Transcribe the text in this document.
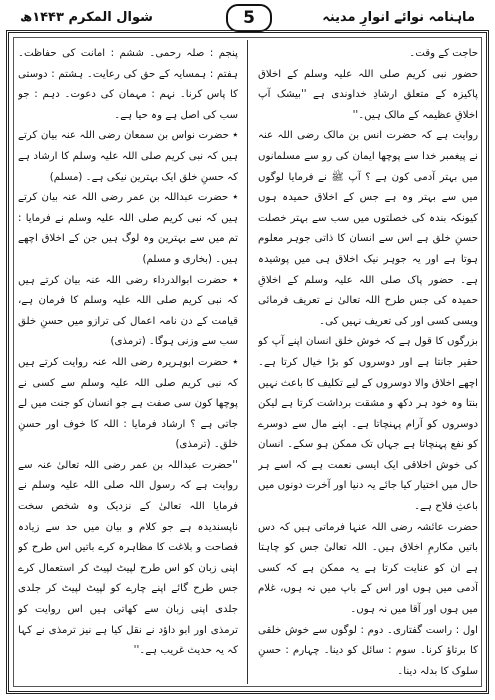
ماہنامہ نوائے انوارِ مدینہ
شوال المکرم ۱۴۴۳ھ	5

حاجت کے وقت۔

حضور نبی کریم صلی اللہ علیہ وسلم کے اخلاق پاکیزہ کے متعلق ارشادِ خداوندی ہے ''بیشک آپ اخلاقِ عظیمہ کے مالک ہیں۔''

روایت ہے کہ حضرت انس بن مالک رضی اللہ عنہ نے پیغمبر خدا سے پوچھا ایمان کی رو سے مسلمانوں میں بہتر آدمی کون ہے ؟ آپ ﷺ نے فرمایا لوگوں میں سے بہتر وہ ہے جس کے اخلاق حمیدہ ہوں کیونکہ بندہ کی خصلتوں میں سب سے بہتر خصلت حسنِ خلق ہے اس سے انسان کا ذاتی جوہر معلوم ہوتا ہے اور یہ جوہر نیک اخلاق ہی میں پوشیدہ ہے۔ حضور پاک صلی اللہ علیہ وسلم کے اخلاقِ حمیدہ کی جس طرح اللہ تعالیٰ نے تعریف فرمائی ویسی کسی اور کی تعریف نہیں کی۔

بزرگوں کا قول ہے کہ خوش خلق انسان اپنے آپ کو حقیر جانتا ہے اور دوسروں کو بڑا خیال کرتا ہے۔ اچھے اخلاق والا دوسروں کے لیے تکلیف کا باعث نہیں بنتا وہ خود ہر دکھ و مشقت برداشت کرتا ہے لیکن دوسروں کو آرام پہنچاتا ہے۔ اپنے مال سے دوسرے کو نفع پہنچاتا ہے جہاں تک ممکن ہو سکے۔ انسان کی خوش اخلاقی ایک ایسی نعمت ہے کہ اسے ہر حال میں اختیار کیا جائے یہ دنیا اور آخرت دونوں میں باعثِ فلاح ہے۔

حضرت عائشہ رضی اللہ عنہا فرماتی ہیں کہ دس باتیں مکارمِ اخلاق ہیں۔ اللہ تعالیٰ جس کو چاہتا ہے ان کو عنایت کرتا ہے یہ ممکن ہے کہ کسی آدمی میں ہوں اور اس کے باپ میں نہ ہوں، غلام میں ہوں اور آقا میں نہ ہوں۔

اول : راست گفتاری۔ دوم : لوگوں سے خوش خلقی کا برتاؤ کرنا۔ سوم : سائل کو دینا۔ چہارم : حسنِ سلوک کا بدلہ دینا۔

پنجم : صلہ رحمی۔ ششم : امانت کی حفاظت۔ ہفتم : ہمسایہ کے حق کی رعایت۔ ہشتم : دوستی کا پاس کرنا۔ نہم : مہمان کی دعوت۔ دہم : جو سب کی اصل ہے وہ حیا ہے۔

٭ حضرت نواس بن سمعان رضی اللہ عنہ بیان کرتے ہیں کہ نبی کریم صلی اللہ علیہ وسلم کا ارشاد ہے کہ حسنِ خلق ایک بہترین نیکی ہے۔ (مسلم)

٭ حضرت عبداللہ بن عمر رضی اللہ عنہ بیان کرتے ہیں کہ نبی کریم صلی اللہ علیہ وسلم نے فرمایا : تم میں سے بہترین وہ لوگ ہیں جن کے اخلاق اچھے ہیں۔ (بخاری و مسلم)

٭ حضرت ابوالدرداء رضی اللہ عنہ بیان کرتے ہیں کہ نبی کریم صلی اللہ علیہ وسلم کا فرمان ہے، قیامت کے دن نامہ اعمال کی ترازو میں حسنِ خلق سب سے وزنی ہوگا۔ (ترمذی)

٭ حضرت ابوہریرہ رضی اللہ عنہ روایت کرتے ہیں کہ نبی کریم صلی اللہ علیہ وسلم سے کسی نے پوچھا کون سی صفت ہے جو انسان کو جنت میں لے جاتی ہے ؟ ارشاد فرمایا : اللہ کا خوف اور حسنِ خلق۔ (ترمذی)

''حضرت عبداللہ بن عمر رضی اللہ تعالیٰ عنہ سے روایت ہے کہ رسول اللہ صلی اللہ علیہ وسلم نے فرمایا اللہ تعالیٰ کے نزدیک وہ شخص سخت ناپسندیدہ ہے جو کلام و بیان میں حد سے زیادہ فصاحت و بلاغت کا مظاہرہ کرے باتیں اس طرح کو اپنی زبان کو اس طرح لپیٹ لپیٹ کر استعمال کرے جس طرح گائے اپنے چارے کو لپیٹ لپیٹ کر جلدی جلدی اپنی زبان سے کھاتی ہیں اس روایت کو ترمذی اور ابو داؤد نے نقل کیا ہے نیز ترمذی نے کہا کہ یہ حدیث غریب ہے۔''
